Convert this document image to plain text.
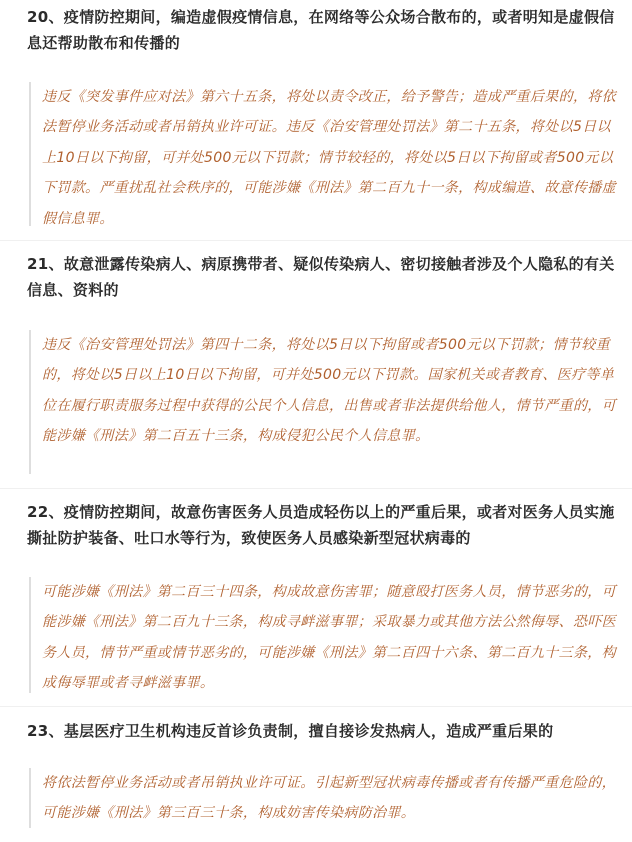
20、疫情防控期间，编造虚假疫情信息，在网络等公众场合散布的，或者明知是虚假信息还帮助散布和传播的
违反《突发事件应对法》第六十五条，将处以责令改正，给予警告；造成严重后果的，将依法暂停业务活动或者吊销执业许可证。违反《治安管理处罚法》第二十五条，将处以5日以上10日以下拘留，可并处500元以下罚款；情节较轻的，将处以5日以下拘留或者500元以下罚款。严重扰乱社会秩序的，可能涉嫌《刑法》第二百九十一条，构成编造、故意传播虚假信息罪。
21、故意泄露传染病人、病原携带者、疑似传染病人、密切接触者涉及个人隐私的有关信息、资料的
违反《治安管理处罚法》第四十二条，将处以5日以下拘留或者500元以下罚款；情节较重的，将处以5日以上10日以下拘留，可并处500元以下罚款。国家机关或者教育、医疗等单位在履行职责服务过程中获得的公民个人信息，出售或者非法提供给他人，情节严重的，可能涉嫌《刑法》第二百五十三条，构成侵犯公民个人信息罪。
22、疫情防控期间，故意伤害医务人员造成轻伤以上的严重后果，或者对医务人员实施撕扯防护装备、吐口水等行为，致使医务人员感染新型冠状病毒的
可能涉嫌《刑法》第二百三十四条，构成故意伤害罪；随意殴打医务人员，情节恶劣的，可能涉嫌《刑法》第二百九十三条，构成寻衅滋事罪；采取暴力或其他方法公然侮辱、恐吓医务人员，情节严重或情节恶劣的，可能涉嫌《刑法》第二百四十六条、第二百九十三条，构成侮辱罪或者寻衅滋事罪。
23、基层医疗卫生机构违反首诊负责制，擅自接诊发热病人，造成严重后果的
将依法暂停业务活动或者吊销执业许可证。引起新型冠状病毒传播或者有传播严重危险的，可能涉嫌《刑法》第三百三十条，构成妨害传染病防治罪。
